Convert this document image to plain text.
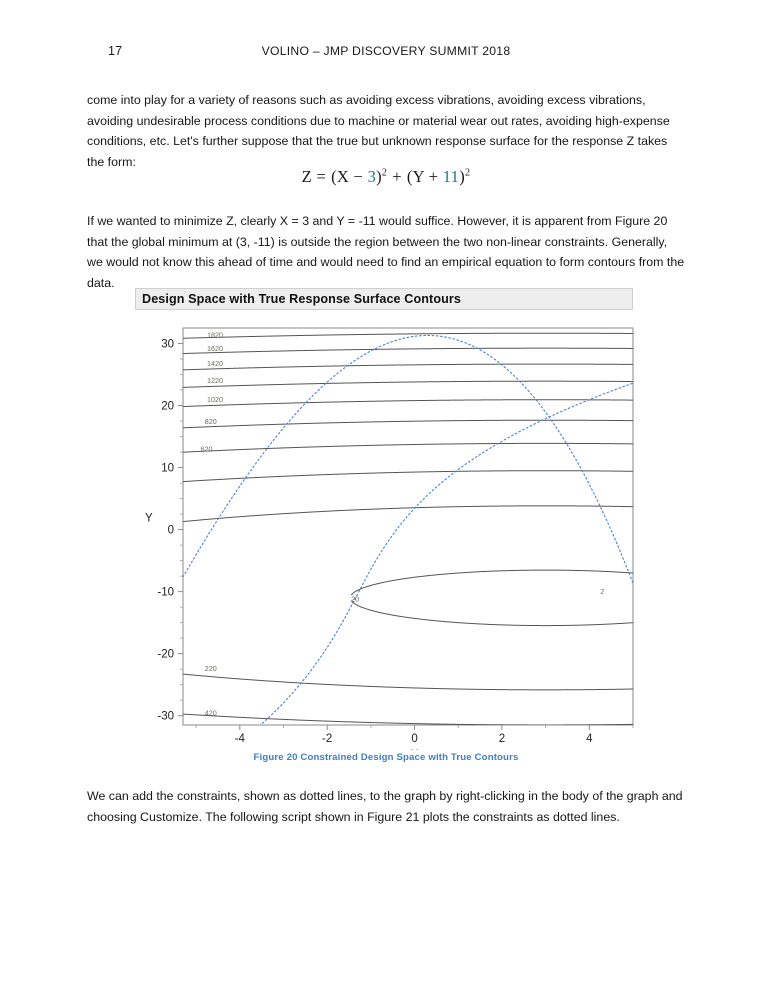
17	VOLINO – JMP DISCOVERY SUMMIT 2018
come into play for a variety of reasons such as avoiding excess vibrations, avoiding excess vibrations, avoiding undesirable process conditions due to machine or material wear out rates, avoiding high-expense conditions, etc. Let's further suppose that the true but unknown response surface for the response Z takes the form:
$Z = (X - 3)^2 + (Y + 11)^2$
If we wanted to minimize Z, clearly X = 3 and Y = -11 would suffice. However, it is apparent from Figure 20 that the global minimum at (3, -11) is outside the region between the two non-linear constraints. Generally, we would not know this ahead of time and would need to find an empirical equation to form contours from the data.
Design Space with True Response Surface Contours
1820
1620
1420
1220
1020
820
620
220
420
20
2
-30
-20
-10
0
10
20
30
-4	-2	0	2	4
Y
Figure 20 Constrained Design Space with True Contours
We can add the constraints, shown as dotted lines, to the graph by right-clicking in the body of the graph and choosing Customize. The following script shown in Figure 21 plots the constraints as dotted lines.
